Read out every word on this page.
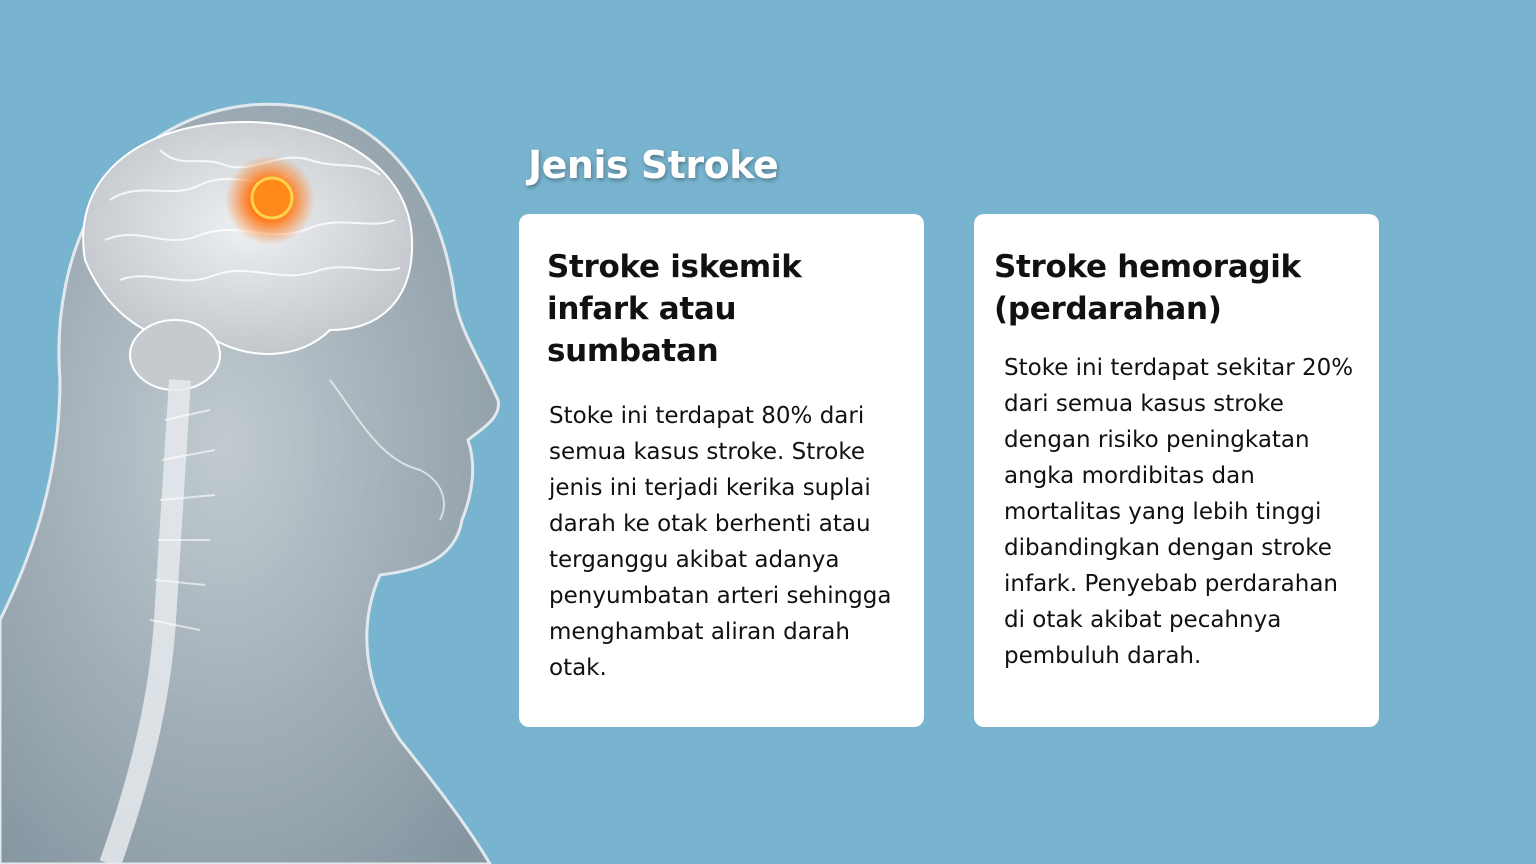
Jenis Stroke
Stroke iskemik infark atau sumbatan

Stoke ini terdapat 80% dari semua kasus stroke. Stroke jenis ini terjadi kerika suplai darah ke otak berhenti atau terganggu akibat adanya penyumbatan arteri sehingga menghambat aliran darah otak.

Stroke hemoragik (perdarahan)

Stoke ini terdapat sekitar 20% dari semua kasus stroke dengan risiko peningkatan angka mordibitas dan mortalitas yang lebih tinggi dibandingkan dengan stroke infark. Penyebab perdarahan di otak akibat pecahnya pembuluh darah.
